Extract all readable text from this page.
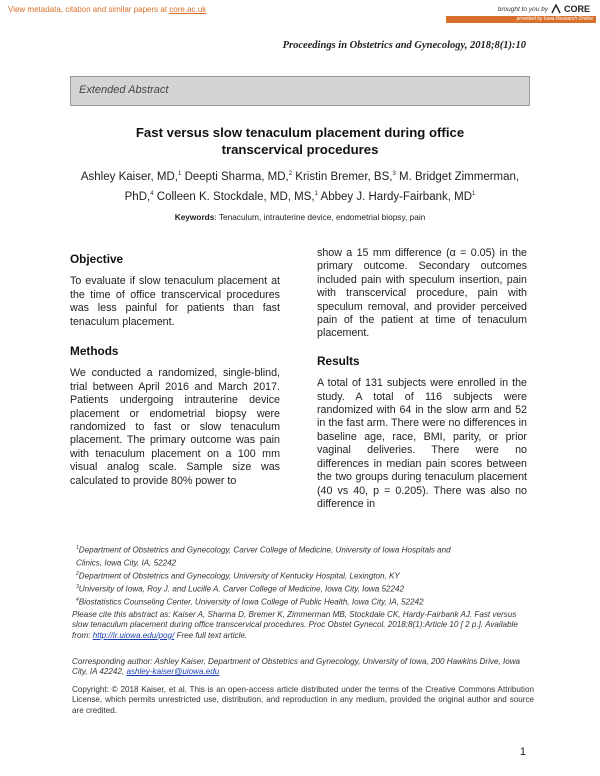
View metadata, citation and similar papers at core.ac.uk	brought to you by CORE
provided by Iowa Research Online
Proceedings in Obstetrics and Gynecology, 2018;8(1):10
Extended Abstract
Fast versus slow tenaculum placement during office
transcervical procedures
Ashley Kaiser, MD,$^1$ Deepti Sharma, MD,$^2$ Kristin Bremer, BS,$^3$ M. Bridget Zimmerman, PhD,$^4$ Colleen K. Stockdale, MD, MS,$^1$ Abbey J. Hardy-Fairbank, $MD^1$
Keywords: Tenaculum, intrauterine device, endometrial biopsy, pain
Objective

To evaluate if slow tenaculum placement at the time of office transcervical procedures was less painful for patients than fast tenaculum placement.

Methods

We conducted a randomized, single-blind, trial between April 2016 and March 2017. Patients undergoing intrauterine device placement or endometrial biopsy were randomized to fast or slow tenaculum placement. The primary outcome was pain with tenaculum placement on a 100 mm visual analog scale. Sample size was calculated to provide 80% power to

show a 15 mm difference (α = 0.05) in the primary outcome. Secondary outcomes included pain with speculum insertion, pain with transcervical procedure, pain with speculum removal, and provider perceived pain of the patient at time of tenaculum placement.

Results

A total of 131 subjects were enrolled in the study. A total of 116 subjects were randomized with 64 in the slow arm and 52 in the fast arm. There were no differences in baseline age, race, BMI, parity, or prior vaginal deliveries. There were no differences in median pain scores between the two groups during tenaculum placement (40 vs 40, p = 0.205). There was also no difference in

$^1$Department of Obstetrics and Gynecology, Carver College of Medicine, University of Iowa Hospitals and
Clinics, Iowa City, IA, 52242
$^2$Department of Obstetrics and Gynecology, University of Kentucky Hospital, Lexington, KY
$^3$University of Iowa, Roy J. and Lucille A. Carver College of Medicine, Iowa City, Iowa 52242
$^4$Biostatistics Counseling Center, University of Iowa College of Public Health, Iowa City, IA, 52242
Please cite this abstract as: Kaiser A, Sharma D, Bremer K, Zimmerman MB, Stockdale CK, Hardy-Fairbank AJ. Fast versus slow tenaculum placement during office transcervical procedures. Proc Obstet Gynecol. 2018;8(1):Article 10 [ 2 p.]. Available from: http://ir.uiowa.edu/pog/ Free full text article.
Corresponding author: Ashley Kaiser, Department of Obstetrics and Gynecology, University of Iowa, 200 Hawkins Drive, Iowa City, IA 42242, ashley-kaiser@uiowa.edu
Copyright: © 2018 Kaiser, et al. This is an open-access article distributed under the terms of the Creative Commons Attribution License, which permits unrestricted use, distribution, and reproduction in any medium, provided the original author and source are credited.
1
